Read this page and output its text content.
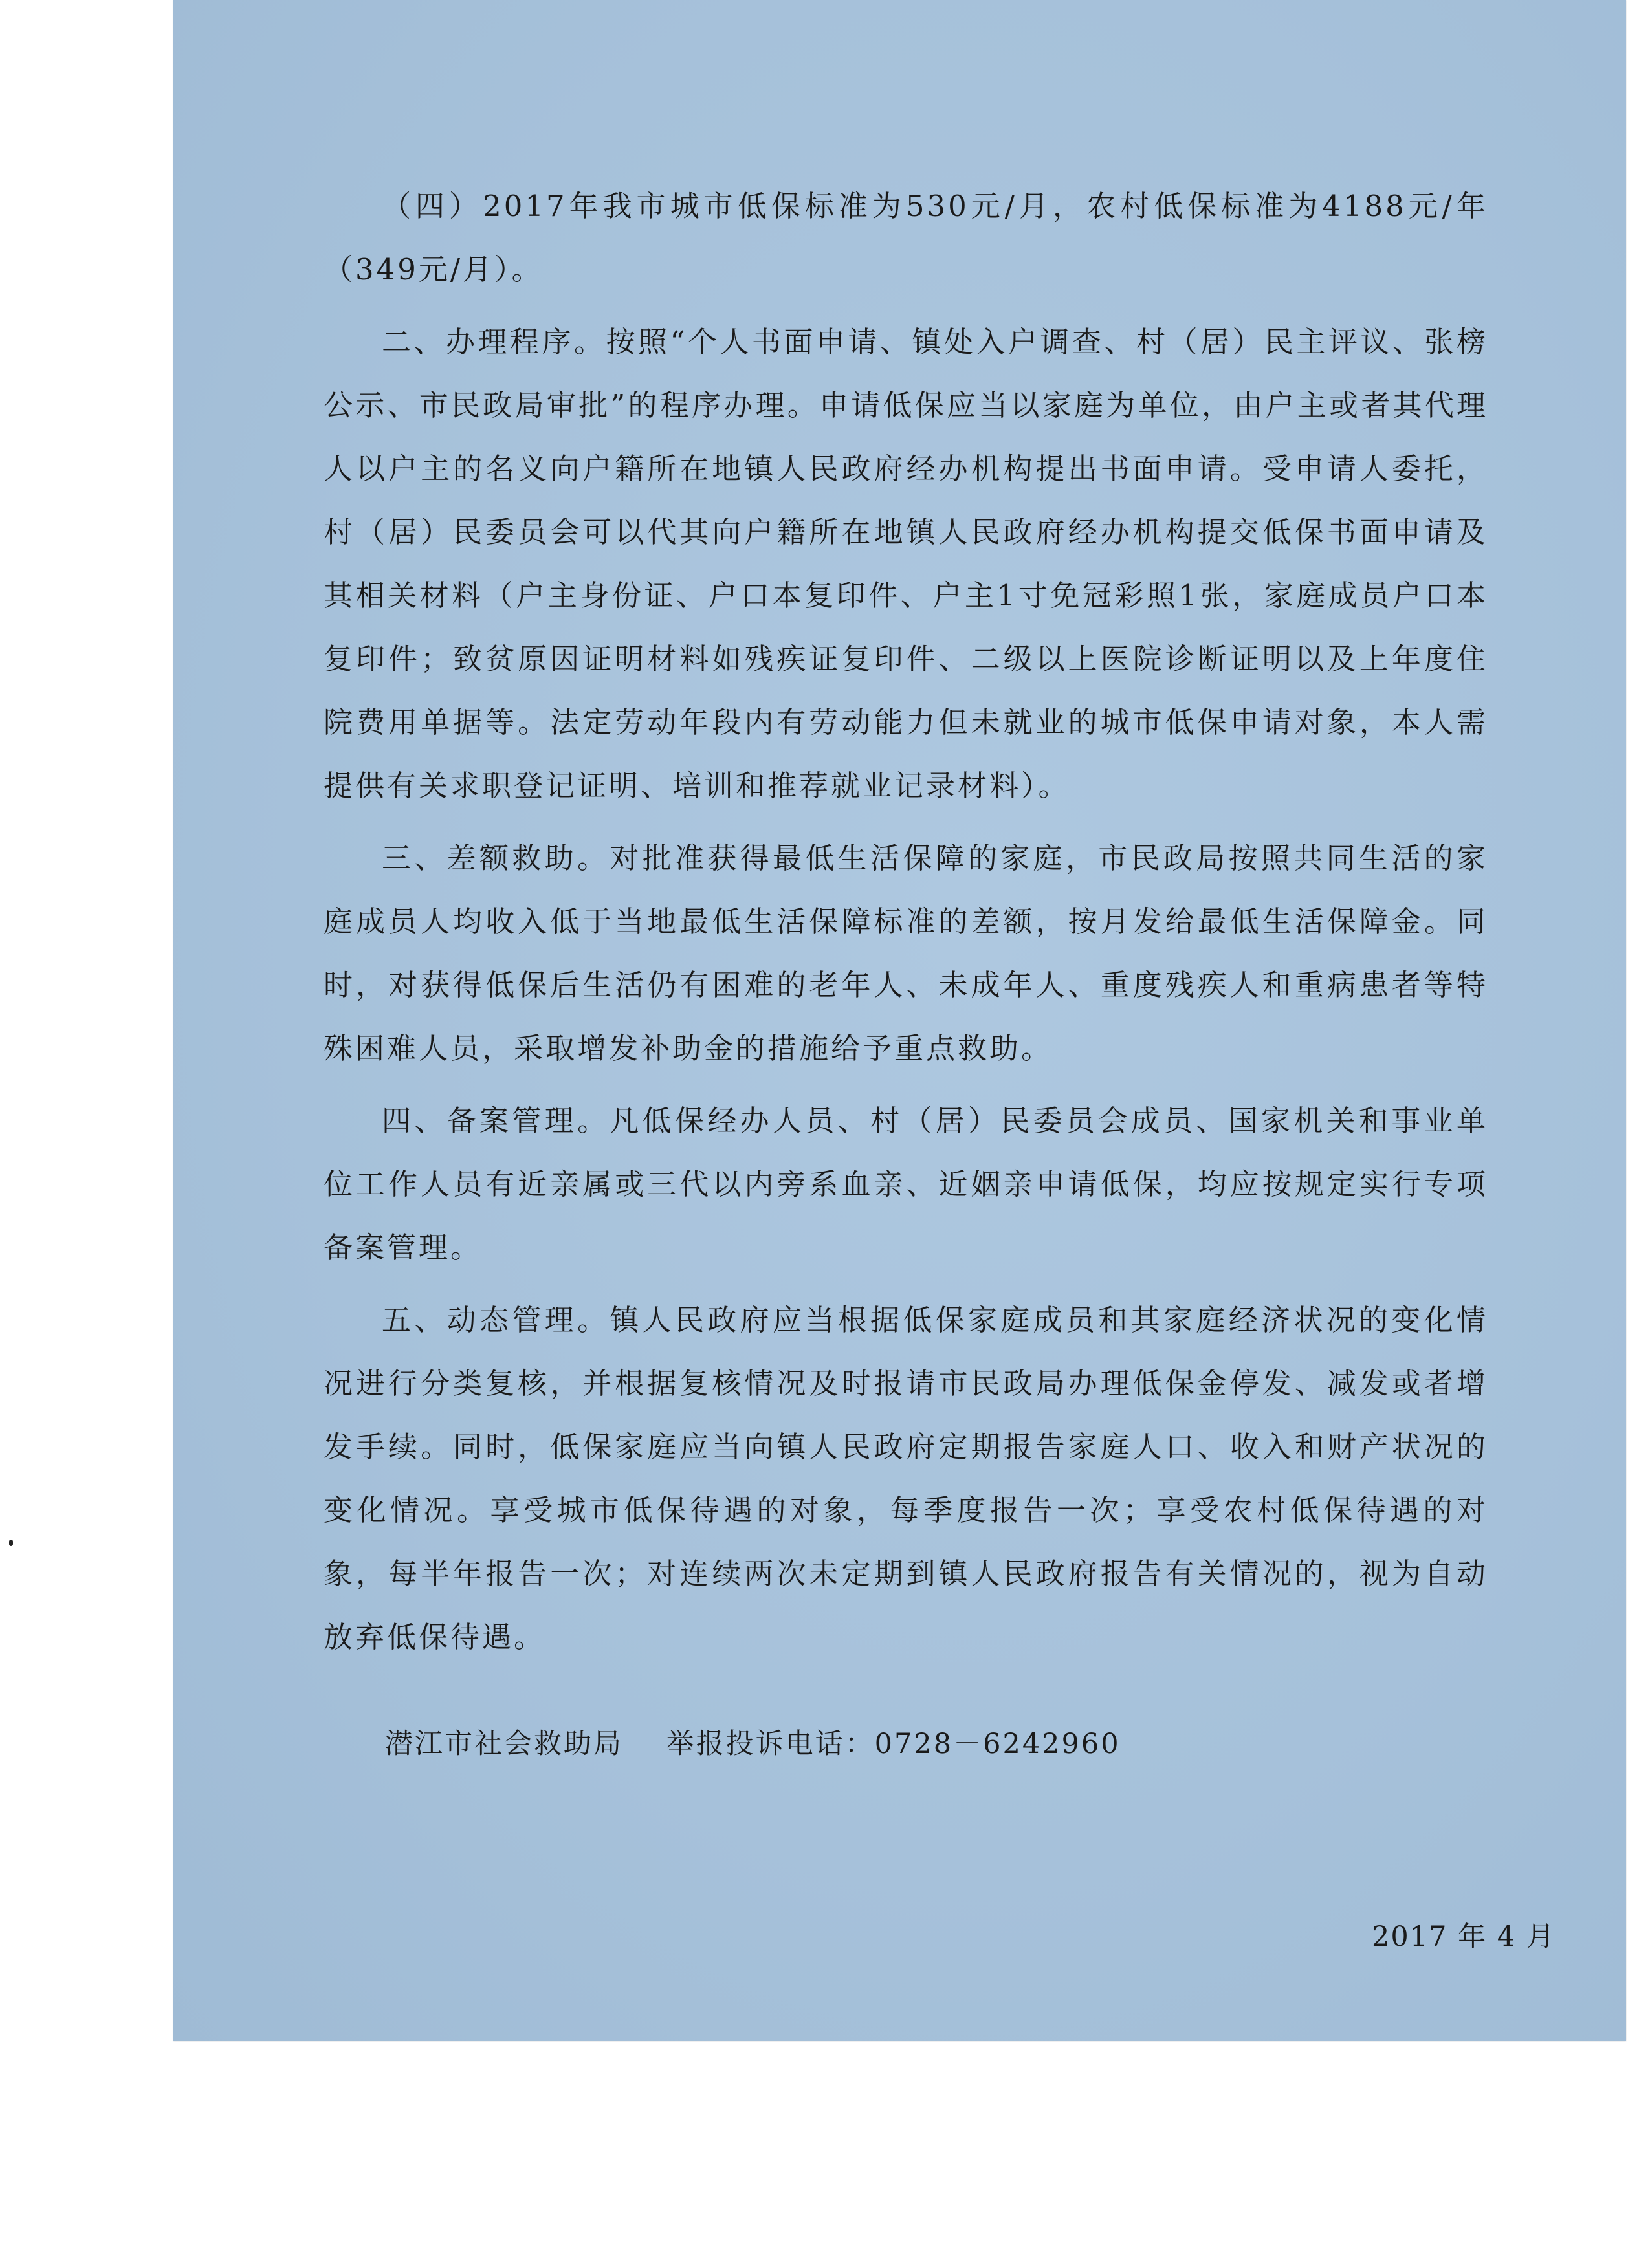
（四）2017年我市城市低保标准为530元/月，农村低保标准为4188元/年（349元/月）。

二、办理程序。按照“个人书面申请、镇处入户调查、村（居）民主评议、张榜公示、市民政局审批”的程序办理。申请低保应当以家庭为单位，由户主或者其代理人以户主的名义向户籍所在地镇人民政府经办机构提出书面申请。受申请人委托，村（居）民委员会可以代其向户籍所在地镇人民政府经办机构提交低保书面申请及其相关材料（户主身份证、户口本复印件、户主1寸免冠彩照1张，家庭成员户口本复印件；致贫原因证明材料如残疾证复印件、二级以上医院诊断证明以及上年度住院费用单据等。法定劳动年段内有劳动能力但未就业的城市低保申请对象，本人需提供有关求职登记证明、培训和推荐就业记录材料）。

三、差额救助。对批准获得最低生活保障的家庭，市民政局按照共同生活的家庭成员人均收入低于当地最低生活保障标准的差额，按月发给最低生活保障金。同时，对获得低保后生活仍有困难的老年人、未成年人、重度残疾人和重病患者等特殊困难人员，采取增发补助金的措施给予重点救助。

四、备案管理。凡低保经办人员、村（居）民委员会成员、国家机关和事业单位工作人员有近亲属或三代以内旁系血亲、近姻亲申请低保，均应按规定实行专项备案管理。

五、动态管理。镇人民政府应当根据低保家庭成员和其家庭经济状况的变化情况进行分类复核，并根据复核情况及时报请市民政局办理低保金停发、减发或者增发手续。同时，低保家庭应当向镇人民政府定期报告家庭人口、收入和财产状况的变化情况。享受城市低保待遇的对象，每季度报告一次；享受农村低保待遇的对象，每半年报告一次；对连续两次未定期到镇人民政府报告有关情况的，视为自动放弃低保待遇。

潜江市社会救助局    举报投诉电话：0728－6242960
2017 年 4 月
